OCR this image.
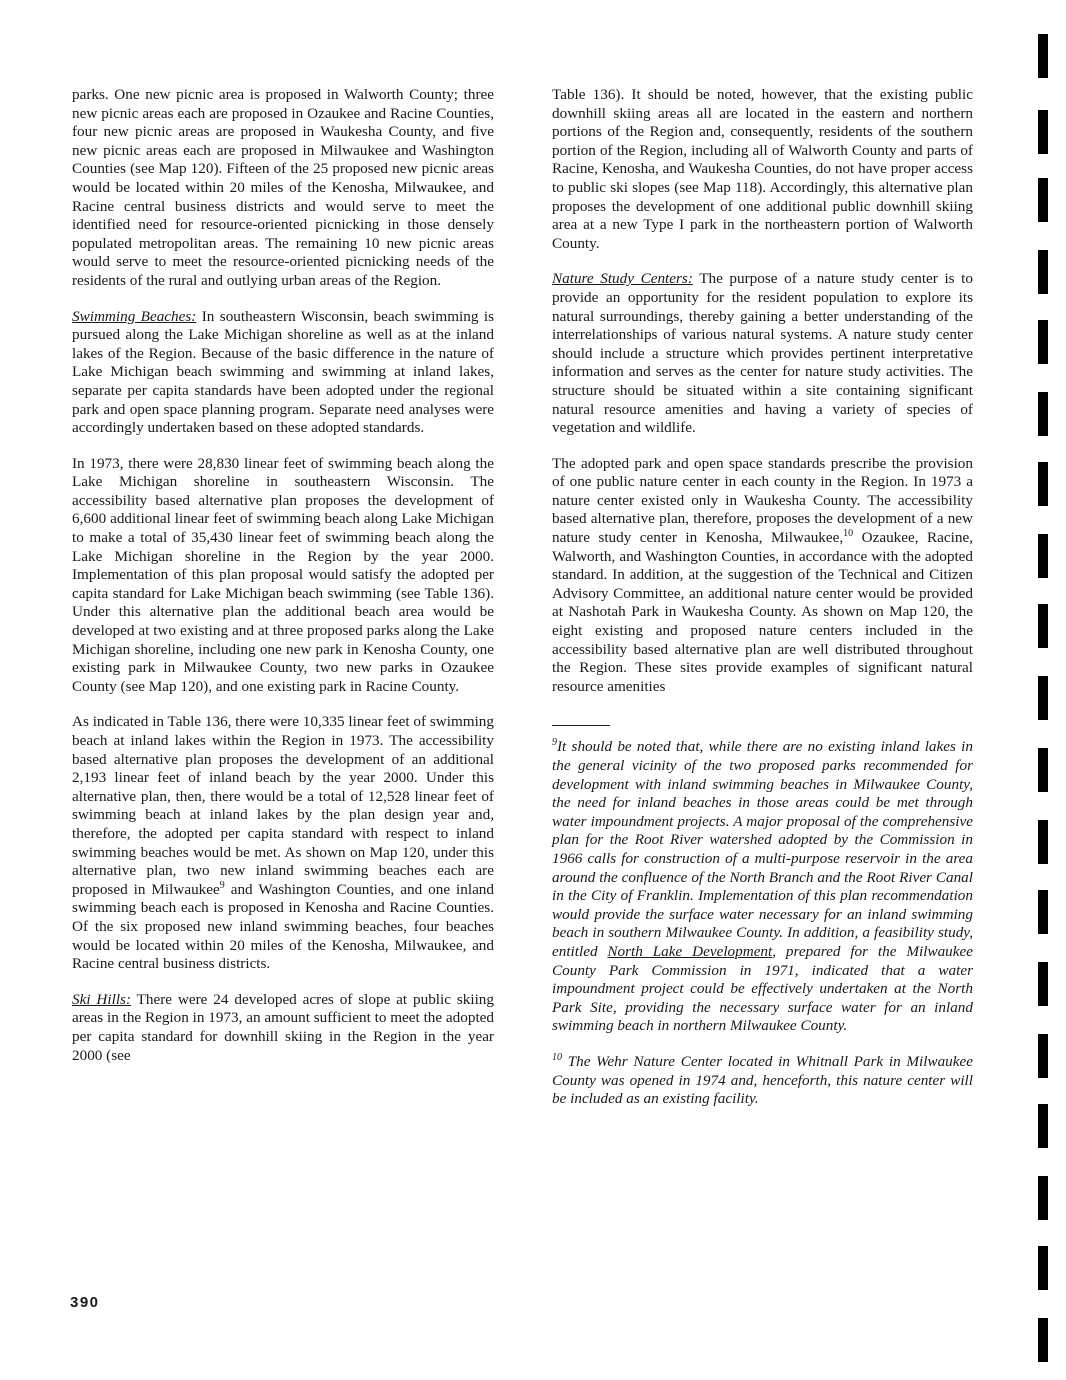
parks. One new picnic area is proposed in Walworth County; three new picnic areas each are proposed in Ozaukee and Racine Counties, four new picnic areas are proposed in Waukesha County, and five new picnic areas each are proposed in Milwaukee and Washington Counties (see Map 120). Fifteen of the 25 proposed new picnic areas would be located within 20 miles of the Kenosha, Milwaukee, and Racine central business districts and would serve to meet the identified need for resource-oriented picnicking in those densely populated metropolitan areas. The remaining 10 new picnic areas would serve to meet the resource-oriented picnicking needs of the residents of the rural and outlying urban areas of the Region.

Swimming Beaches: In southeastern Wisconsin, beach swimming is pursued along the Lake Michigan shoreline as well as at the inland lakes of the Region. Because of the basic difference in the nature of Lake Michigan beach swimming and swimming at inland lakes, separate per capita standards have been adopted under the regional park and open space planning program. Separate need analyses were accordingly undertaken based on these adopted standards.

In 1973, there were 28,830 linear feet of swimming beach along the Lake Michigan shoreline in southeastern Wisconsin. The accessibility based alternative plan proposes the development of 6,600 additional linear feet of swimming beach along Lake Michigan to make a total of 35,430 linear feet of swimming beach along the Lake Michigan shoreline in the Region by the year 2000. Implementation of this plan proposal would satisfy the adopted per capita standard for Lake Michigan beach swimming (see Table 136). Under this alternative plan the additional beach area would be developed at two existing and at three proposed parks along the Lake Michigan shoreline, including one new park in Kenosha County, one existing park in Milwaukee County, two new parks in Ozaukee County (see Map 120), and one existing park in Racine County.

As indicated in Table 136, there were 10,335 linear feet of swimming beach at inland lakes within the Region in 1973. The accessibility based alternative plan proposes the development of an additional 2,193 linear feet of inland beach by the year 2000. Under this alternative plan, then, there would be a total of 12,528 linear feet of swimming beach at inland lakes by the plan design year and, therefore, the adopted per capita standard with respect to inland swimming beaches would be met. As shown on Map 120, under this alternative plan, two new inland swimming beaches each are proposed in Milwaukee$^9$ and Washington Counties, and one inland swimming beach each is proposed in Kenosha and Racine Counties. Of the six proposed new inland swimming beaches, four beaches would be located within 20 miles of the Kenosha, Milwaukee, and Racine central business districts.

Ski Hills: There were 24 developed acres of slope at public skiing areas in the Region in 1973, an amount sufficient to meet the adopted per capita standard for downhill skiing in the Region in the year 2000 (see

Table 136). It should be noted, however, that the existing public downhill skiing areas all are located in the eastern and northern portions of the Region and, consequently, residents of the southern portion of the Region, including all of Walworth County and parts of Racine, Kenosha, and Waukesha Counties, do not have proper access to public ski slopes (see Map 118). Accordingly, this alternative plan proposes the development of one additional public downhill skiing area at a new Type I park in the northeastern portion of Walworth County.

Nature Study Centers: The purpose of a nature study center is to provide an opportunity for the resident population to explore its natural surroundings, thereby gaining a better understanding of the interrelationships of various natural systems. A nature study center should include a structure which provides pertinent interpretative information and serves as the center for nature study activities. The structure should be situated within a site containing significant natural resource amenities and having a variety of species of vegetation and wildlife.

The adopted park and open space standards prescribe the provision of one public nature center in each county in the Region. In 1973 a nature center existed only in Waukesha County. The accessibility based alternative plan, therefore, proposes the development of a new nature study center in Kenosha, Milwaukee,$^{10}$ Ozaukee, Racine, Walworth, and Washington Counties, in accordance with the adopted standard. In addition, at the suggestion of the Technical and Citizen Advisory Committee, an additional nature center would be provided at Nashotah Park in Waukesha County. As shown on Map 120, the eight existing and proposed nature centers included in the accessibility based alternative plan are well distributed throughout the Region. These sites provide examples of significant natural resource amenities

$^9$It should be noted that, while there are no existing inland lakes in the general vicinity of the two proposed parks recommended for development with inland swimming beaches in Milwaukee County, the need for inland beaches in those areas could be met through water impoundment projects. A major proposal of the comprehensive plan for the Root River watershed adopted by the Commission in 1966 calls for construction of a multi-purpose reservoir in the area around the confluence of the North Branch and the Root River Canal in the City of Franklin. Implementation of this plan recommendation would provide the surface water necessary for an inland swimming beach in southern Milwaukee County. In addition, a feasibility study, entitled North Lake Development, prepared for the Milwaukee County Park Commission in 1971, indicated that a water impoundment project could be effectively undertaken at the North Park Site, providing the necessary surface water for an inland swimming beach in northern Milwaukee County.

$^{10}$ The Wehr Nature Center located in Whitnall Park in Milwaukee County was opened in 1974 and, henceforth, this nature center will be included as an existing facility.

390
